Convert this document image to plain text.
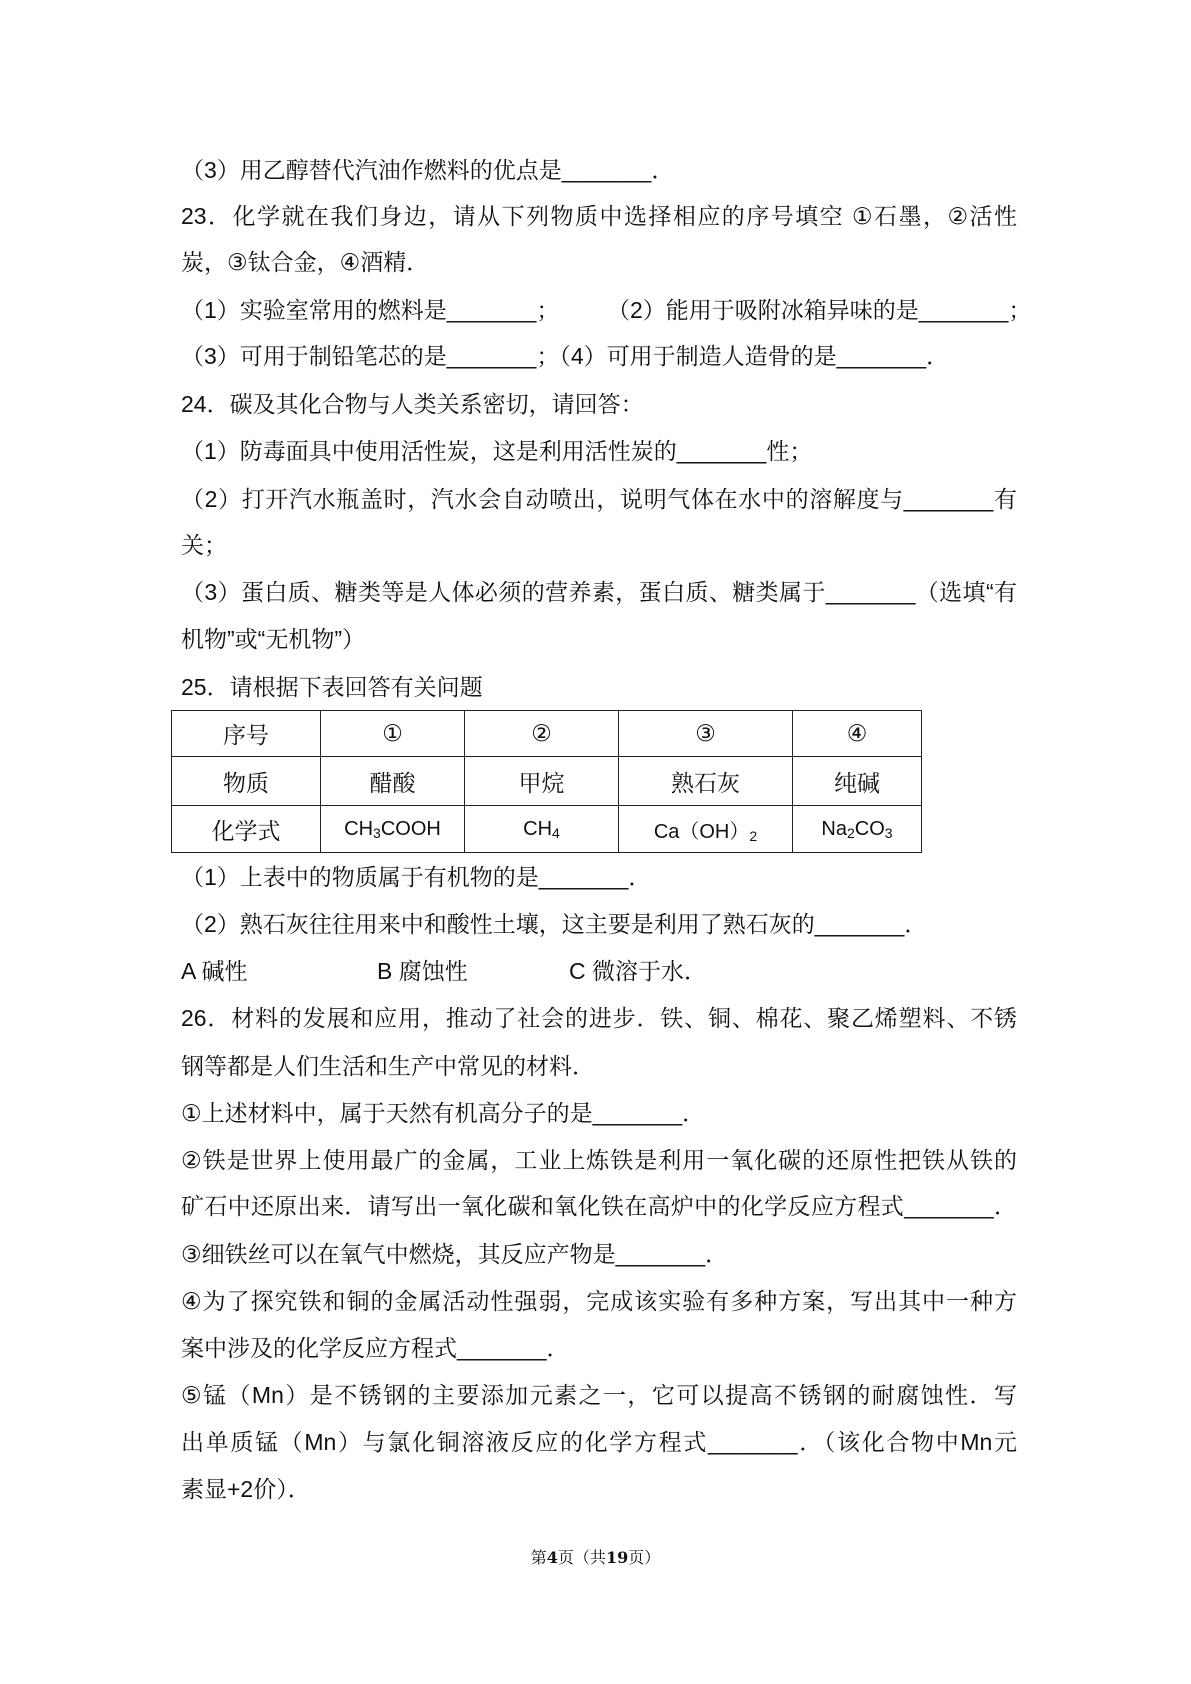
（3）用乙醇替代汽油作燃料的优点是_______．
23．化学就在我们身边，请从下列物质中选择相应的序号填空 ①石墨，②活性
炭，③钛合金，④酒精．
（1）实验室常用的燃料是_______； （2）能用于吸附冰箱异味的是_______；
（3）可用于制铅笔芯的是_______；（4）可用于制造人造骨的是_______．
24．碳及其化合物与人类关系密切，请回答：
（1）防毒面具中使用活性炭，这是利用活性炭的_______性；
（2）打开汽水瓶盖时，汽水会自动喷出，说明气体在水中的溶解度与_______有
关；
（3）蛋白质、糖类等是人体必须的营养素，蛋白质、糖类属于_______（选填“有
机物”或“无机物”）
25．请根据下表回答有关问题
序号	①	②	③	④
物质	醋酸	甲烷	熟石灰	纯碱
化学式	$CH_3COOH$	$CH_4$	$Ca(OH)_2$	$Na_2CO_3$
（1）上表中的物质属于有机物的是_______．
（2）熟石灰往往用来中和酸性土壤，这主要是利用了熟石灰的_______．
A 碱性	B 腐蚀性	C 微溶于水．
26．材料的发展和应用，推动了社会的进步．铁、铜、棉花、聚乙烯塑料、不锈
钢等都是人们生活和生产中常见的材料．
①上述材料中，属于天然有机高分子的是_______．
②铁是世界上使用最广的金属，工业上炼铁是利用一氧化碳的还原性把铁从铁的
矿石中还原出来．请写出一氧化碳和氧化铁在高炉中的化学反应方程式_______．
③细铁丝可以在氧气中燃烧，其反应产物是_______．
④为了探究铁和铜的金属活动性强弱，完成该实验有多种方案，写出其中一种方
案中涉及的化学反应方程式_______．
⑤锰（Mn）是不锈钢的主要添加元素之一，它可以提高不锈钢的耐腐蚀性．写
出单质锰（Mn）与氯化铜溶液反应的化学方程式_______．（该化合物中Mn元
素显+2价）．
第4页（共19页）
